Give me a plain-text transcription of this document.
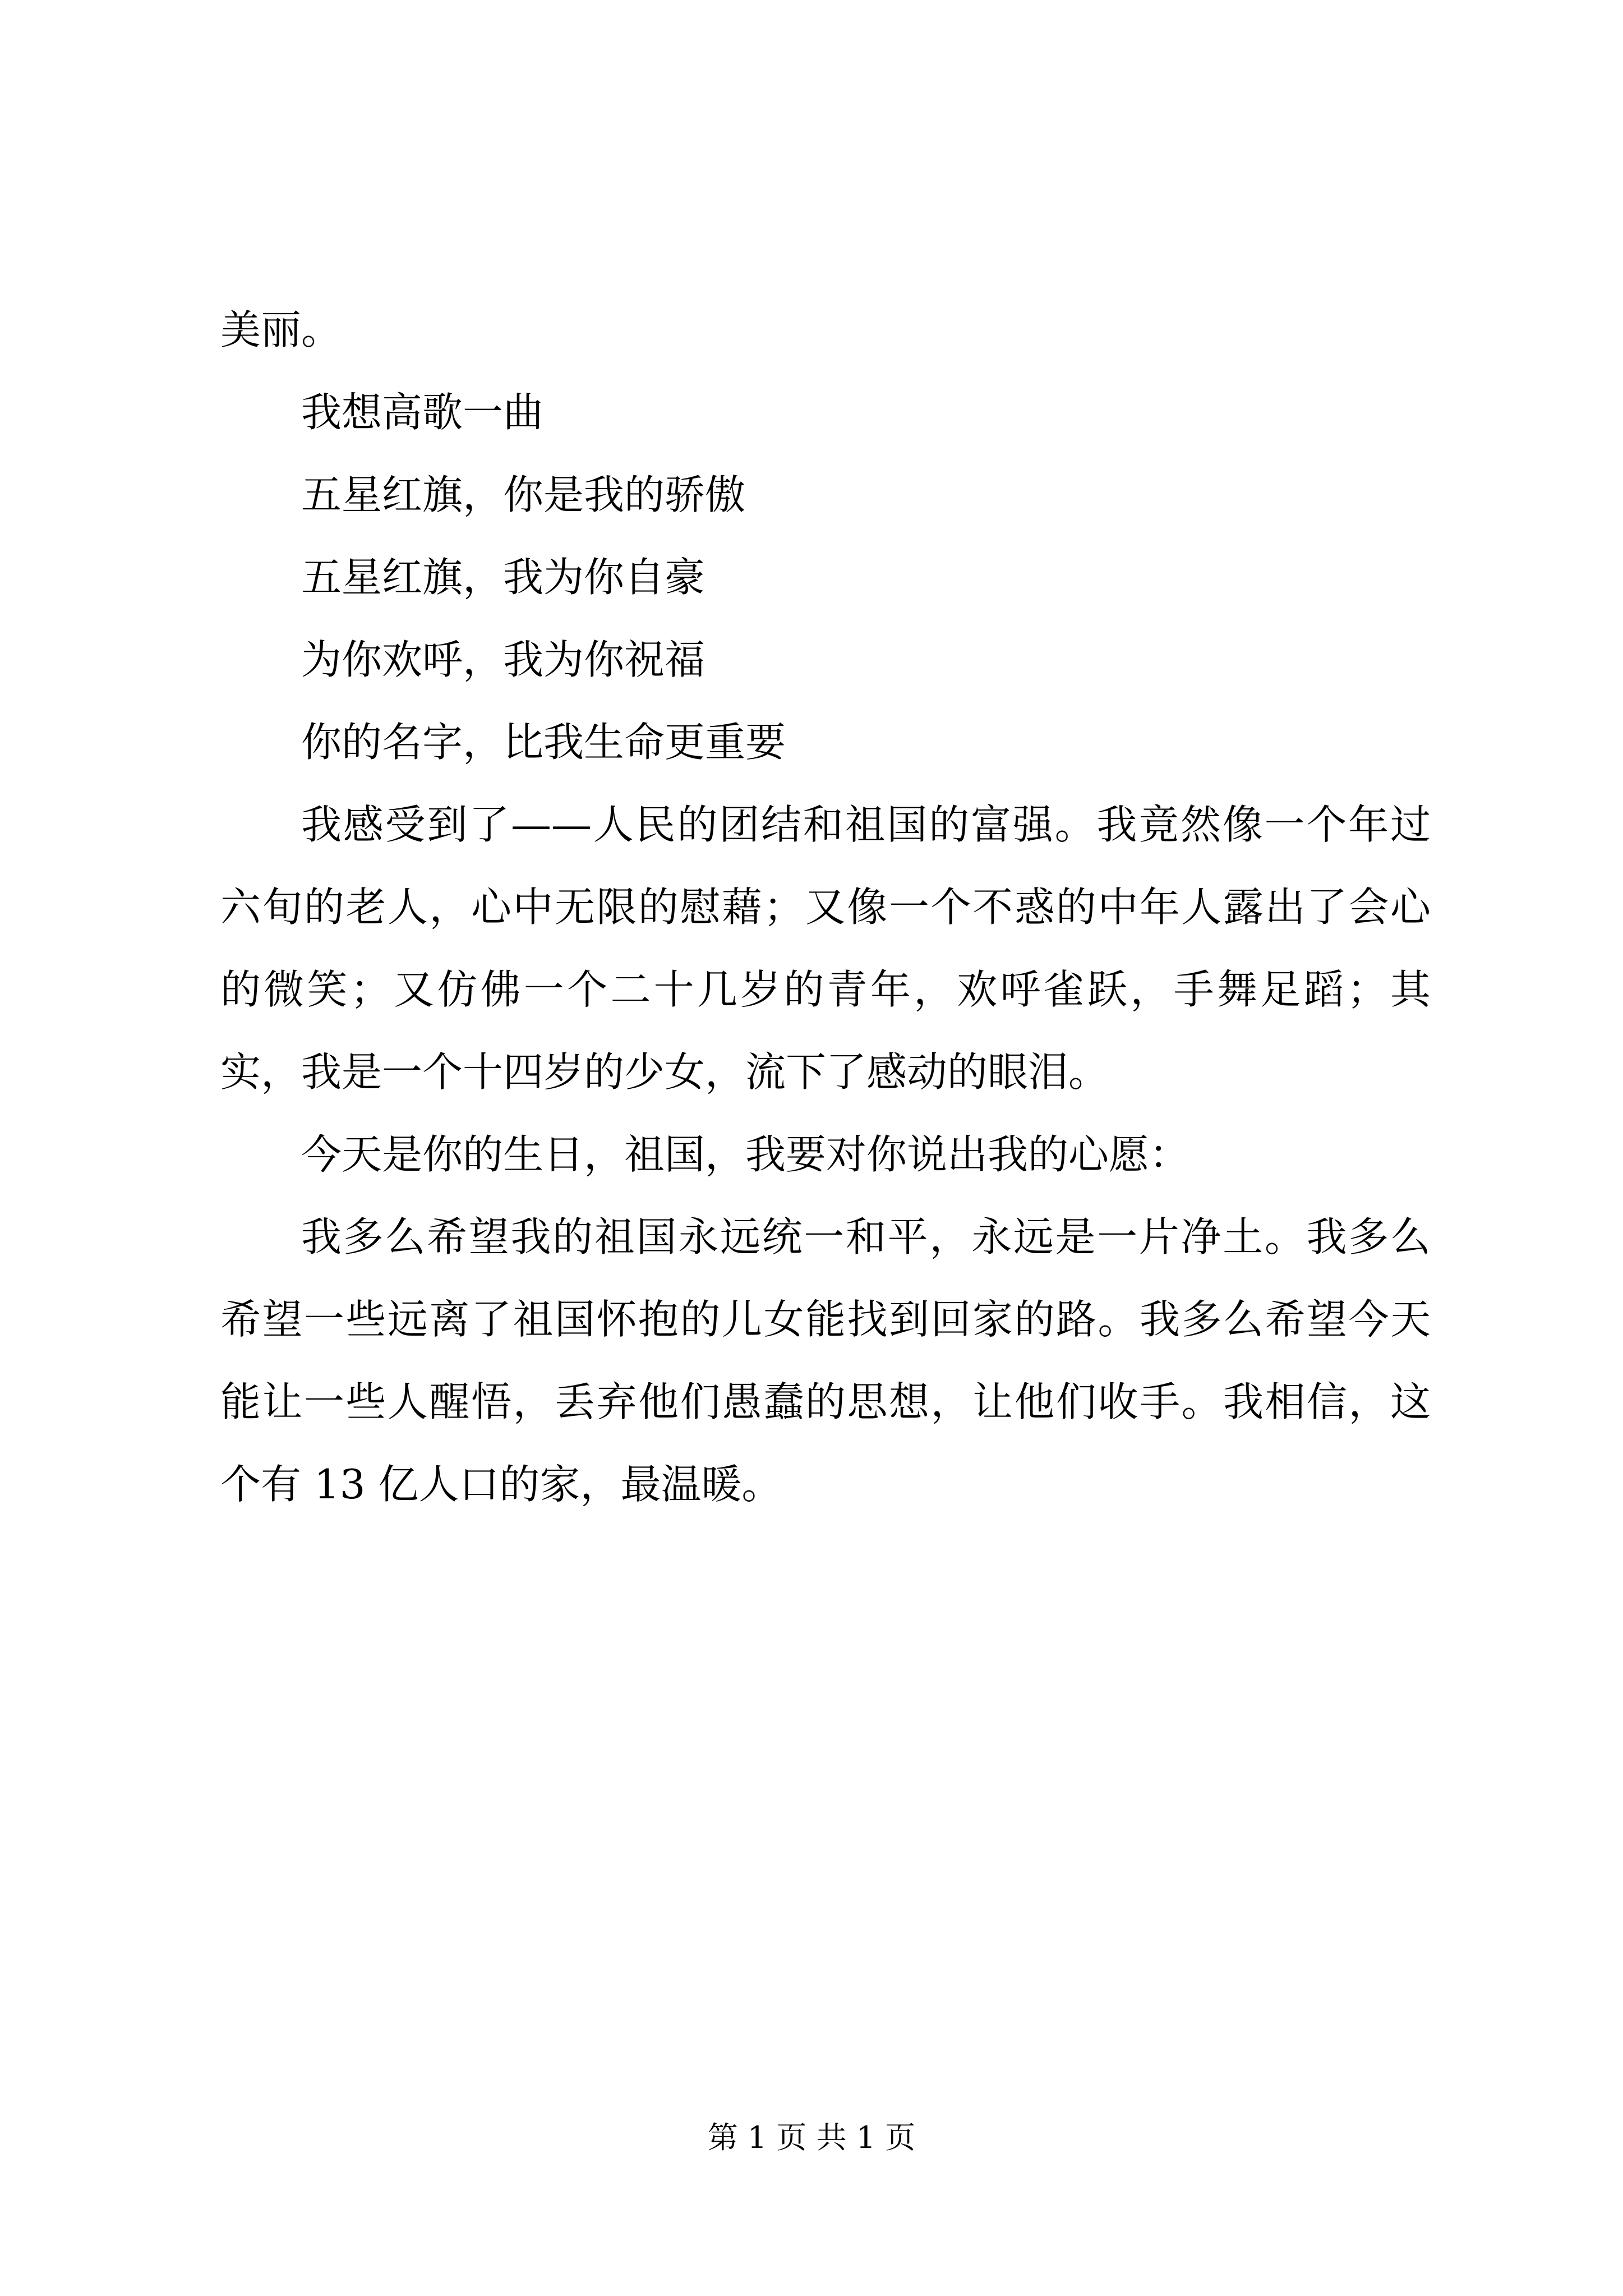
美丽。

我想高歌一曲

五星红旗，你是我的骄傲

五星红旗，我为你自豪

为你欢呼，我为你祝福

你的名字，比我生命更重要

我感受到了——人民的团结和祖国的富强。我竟然像一个年过六旬的老人，心中无限的慰藉；又像一个不惑的中年人露出了会心的微笑；又仿佛一个二十几岁的青年，欢呼雀跃，手舞足蹈；其实，我是一个十四岁的少女，流下了感动的眼泪。

今天是你的生日，祖国，我要对你说出我的心愿：

我多么希望我的祖国永远统一和平，永远是一片净土。我多么希望一些远离了祖国怀抱的儿女能找到回家的路。我多么希望今天能让一些人醒悟，丢弃他们愚蠢的思想，让他们收手。我相信，这个有 13 亿人口的家，最温暖。

第 1 页 共 1 页
